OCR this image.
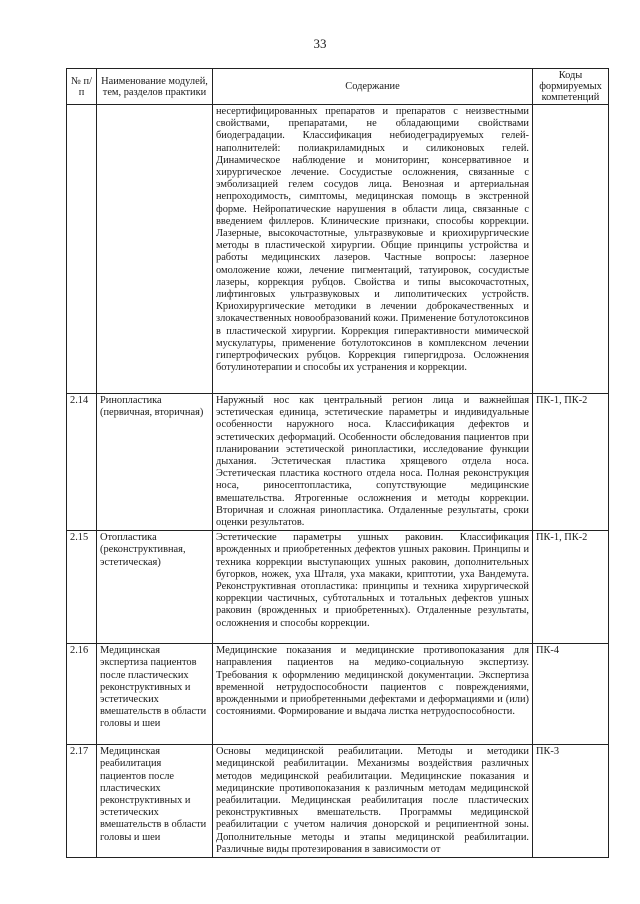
33
№ п/п	Наименование модулей, тем, разделов практики	Содержание	Коды формируемых компетенций
		несертифицированных препаратов и препаратов с неизвестными свойствами, препаратами, не обладающими свойствами биодеградации. Классификация небиодеградируемых гелей-наполнителей: полиакриламидных и силиконовых гелей. Динамическое наблюдение и мониторинг, консервативное и хирургическое лечение. Сосудистые осложнения, связанные с эмболизацией гелем сосудов лица. Венозная и артериальная непроходимость, симптомы, медицинская помощь в экстренной форме. Нейропатические нарушения в области лица, связанные с введением филлеров. Клинические признаки, способы коррекции. Лазерные, высокочастотные, ультразвуковые и криохирургические методы в пластической хирургии. Общие принципы устройства и работы медицинских лазеров. Частные вопросы: лазерное омоложение кожи, лечение пигментаций, татуировок, сосудистые лазеры, коррекция рубцов. Свойства и типы высокочастотных, лифтинговых ультразвуковых и липолитических устройств. Криохирургические методики в лечении доброкачественных и злокачественных новообразований кожи. Применение ботулотоксинов в пластической хирургии. Коррекция гиперактивности мимической мускулатуры, применение ботулотоксинов в комплексном лечении гипертрофических рубцов. Коррекция гипергидроза. Осложнения ботулинотерапии и способы их устранения и коррекции.	
2.14	Ринопластика (первичная, вторичная)	Наружный нос как центральный регион лица и важнейшая эстетическая единица, эстетические параметры и индивидуальные особенности наружного носа. Классификация дефектов и эстетических деформаций. Особенности обследования пациентов при планировании эстетической ринопластики, исследование функции дыхания. Эстетическая пластика хрящевого отдела носа. Эстетическая пластика костного отдела носа. Полная реконструкция носа, риносептопластика, сопутствующие медицинские вмешательства. Ятрогенные осложнения и методы коррекции. Вторичная и сложная ринопластика. Отдаленные результаты, сроки оценки результатов.	ПК-1, ПК-2
2.15	Отопластика (реконструктивная, эстетическая)	Эстетические параметры ушных раковин. Классификация врожденных и приобретенных дефектов ушных раковин. Принципы и техника коррекции выступающих ушных раковин, дополнительных бугорков, ножек, уха Шталя, уха макаки, криптотии, уха Вандемута. Реконструктивная отопластика: принципы и техника хирургической коррекции частичных, субтотальных и тотальных дефектов ушных раковин (врожденных и приобретенных). Отдаленные результаты, осложнения и способы коррекции.	ПК-1, ПК-2
2.16	Медицинская экспертиза пациентов после пластических реконструктивных и эстетических вмешательств в области головы и шеи	Медицинские показания и медицинские противопоказания для направления пациентов на медико-социальную экспертизу. Требования к оформлению медицинской документации. Экспертиза временной нетрудоспособности пациентов с повреждениями, врожденными и приобретенными дефектами и деформациями и (или) состояниями. Формирование и выдача листка нетрудоспособности.	ПК-4
2.17	Медицинская реабилитация пациентов после пластических реконструктивных и эстетических вмешательств в области головы и шеи	Основы медицинской реабилитации. Методы и методики медицинской реабилитации. Механизмы воздействия различных методов медицинской реабилитации. Медицинские показания и медицинские противопоказания к различным методам медицинской реабилитации. Медицинская реабилитация после пластических реконструктивных вмешательств. Программы медицинской реабилитации с учетом наличия донорской и реципиентной зоны. Дополнительные методы и этапы медицинской реабилитации. Различные виды протезирования в зависимости от	ПК-3
